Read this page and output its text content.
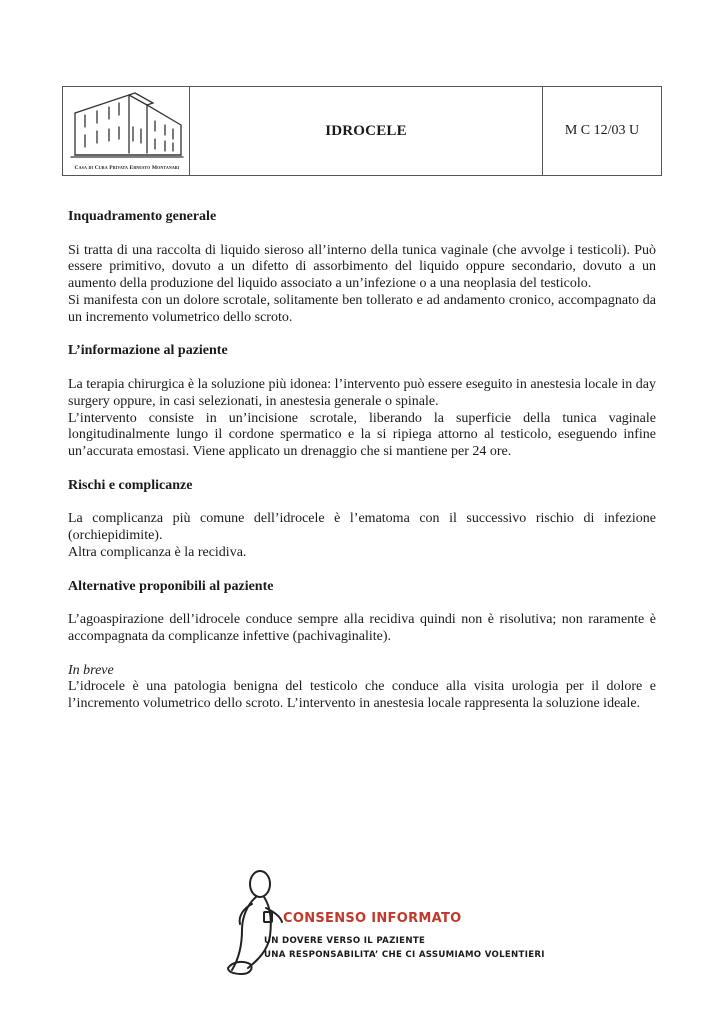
Casa di Cura Privata Ernesto Montanari
IDROCELE	M C 12/03 U
Inquadramento generale

Si tratta di una raccolta di liquido sieroso all’interno della tunica vaginale (che avvolge i testicoli). Può essere primitivo, dovuto a un difetto di assorbimento del liquido oppure secondario, dovuto a un aumento della produzione del liquido associato a un’infezione o a una neoplasia del testicolo.

Si manifesta con un dolore scrotale, solitamente ben tollerato e ad andamento cronico, accompagnato da un incremento volumetrico dello scroto.

L’informazione al paziente

La terapia chirurgica è la soluzione più idonea: l’intervento può essere eseguito in anestesia locale in day surgery oppure, in casi selezionati, in anestesia generale o spinale.

L’intervento consiste in un’incisione scrotale, liberando la superficie della tunica vaginale longitudinalmente lungo il cordone spermatico e la si ripiega attorno al testicolo, eseguendo infine un’accurata emostasi. Viene applicato un drenaggio che si mantiene per 24 ore.

Rischi e complicanze

La complicanza più comune dell’idrocele è l’ematoma con il successivo rischio di infezione (orchiepidimite).

Altra complicanza è la recidiva.

Alternative proponibili al paziente

L’agoaspirazione dell’idrocele conduce sempre alla recidiva quindi non è risolutiva; non raramente è accompagnata da complicanze infettive (pachivaginalite).

In breve

L’idrocele è una patologia benigna del testicolo che conduce alla visita urologia per il dolore e l’incremento volumetrico dello scroto. L’intervento in anestesia locale rappresenta la soluzione ideale.

CONSENSO INFORMATO
UN DOVERE VERSO IL PAZIENTE
UNA RESPONSABILITA’ CHE CI ASSUMIAMO VOLENTIERI
